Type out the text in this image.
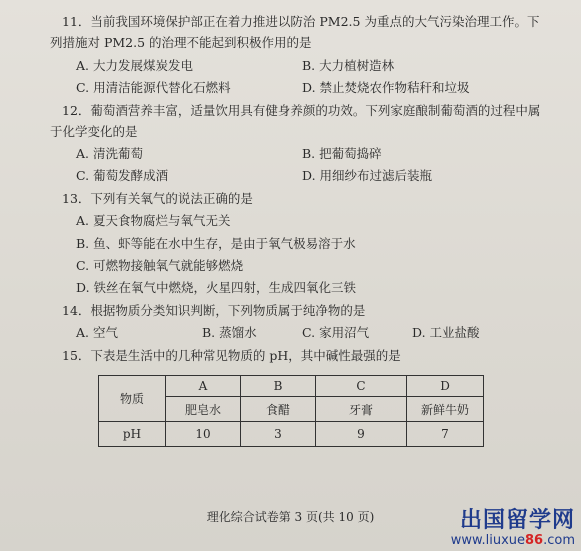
11．当前我国环境保护部正在着力推进以防治 PM2.5 为重点的大气污染治理工作。下
列措施对 PM2.5 的治理不能起到积极作用的是
A. 大力发展煤炭发电	B. 大力植树造林
C. 用清洁能源代替化石燃料	D. 禁止焚烧农作物秸秆和垃圾
12．葡萄酒营养丰富，适量饮用具有健身养颜的功效。下列家庭酿制葡萄酒的过程中属
于化学变化的是
A. 清洗葡萄	B. 把葡萄捣碎
C. 葡萄发酵成酒	D. 用细纱布过滤后装瓶
13．下列有关氧气的说法正确的是
A. 夏天食物腐烂与氧气无关
B. 鱼、虾等能在水中生存，是由于氧气极易溶于水
C. 可燃物接触氧气就能够燃烧
D. 铁丝在氧气中燃烧，火星四射，生成四氧化三铁
14．根据物质分类知识判断，下列物质属于纯净物的是
A. 空气	B. 蒸馏水	C. 家用沼气	D. 工业盐酸
15．下表是生活中的几种常见物质的 pH，其中碱性最强的是
物质	A	B	C	D
	肥皂水	食醋	牙膏	新鲜牛奶
pH	10	3	9	7
理化综合试卷第 3 页(共 10 页)	出国留学网
www.liuxue86.com
